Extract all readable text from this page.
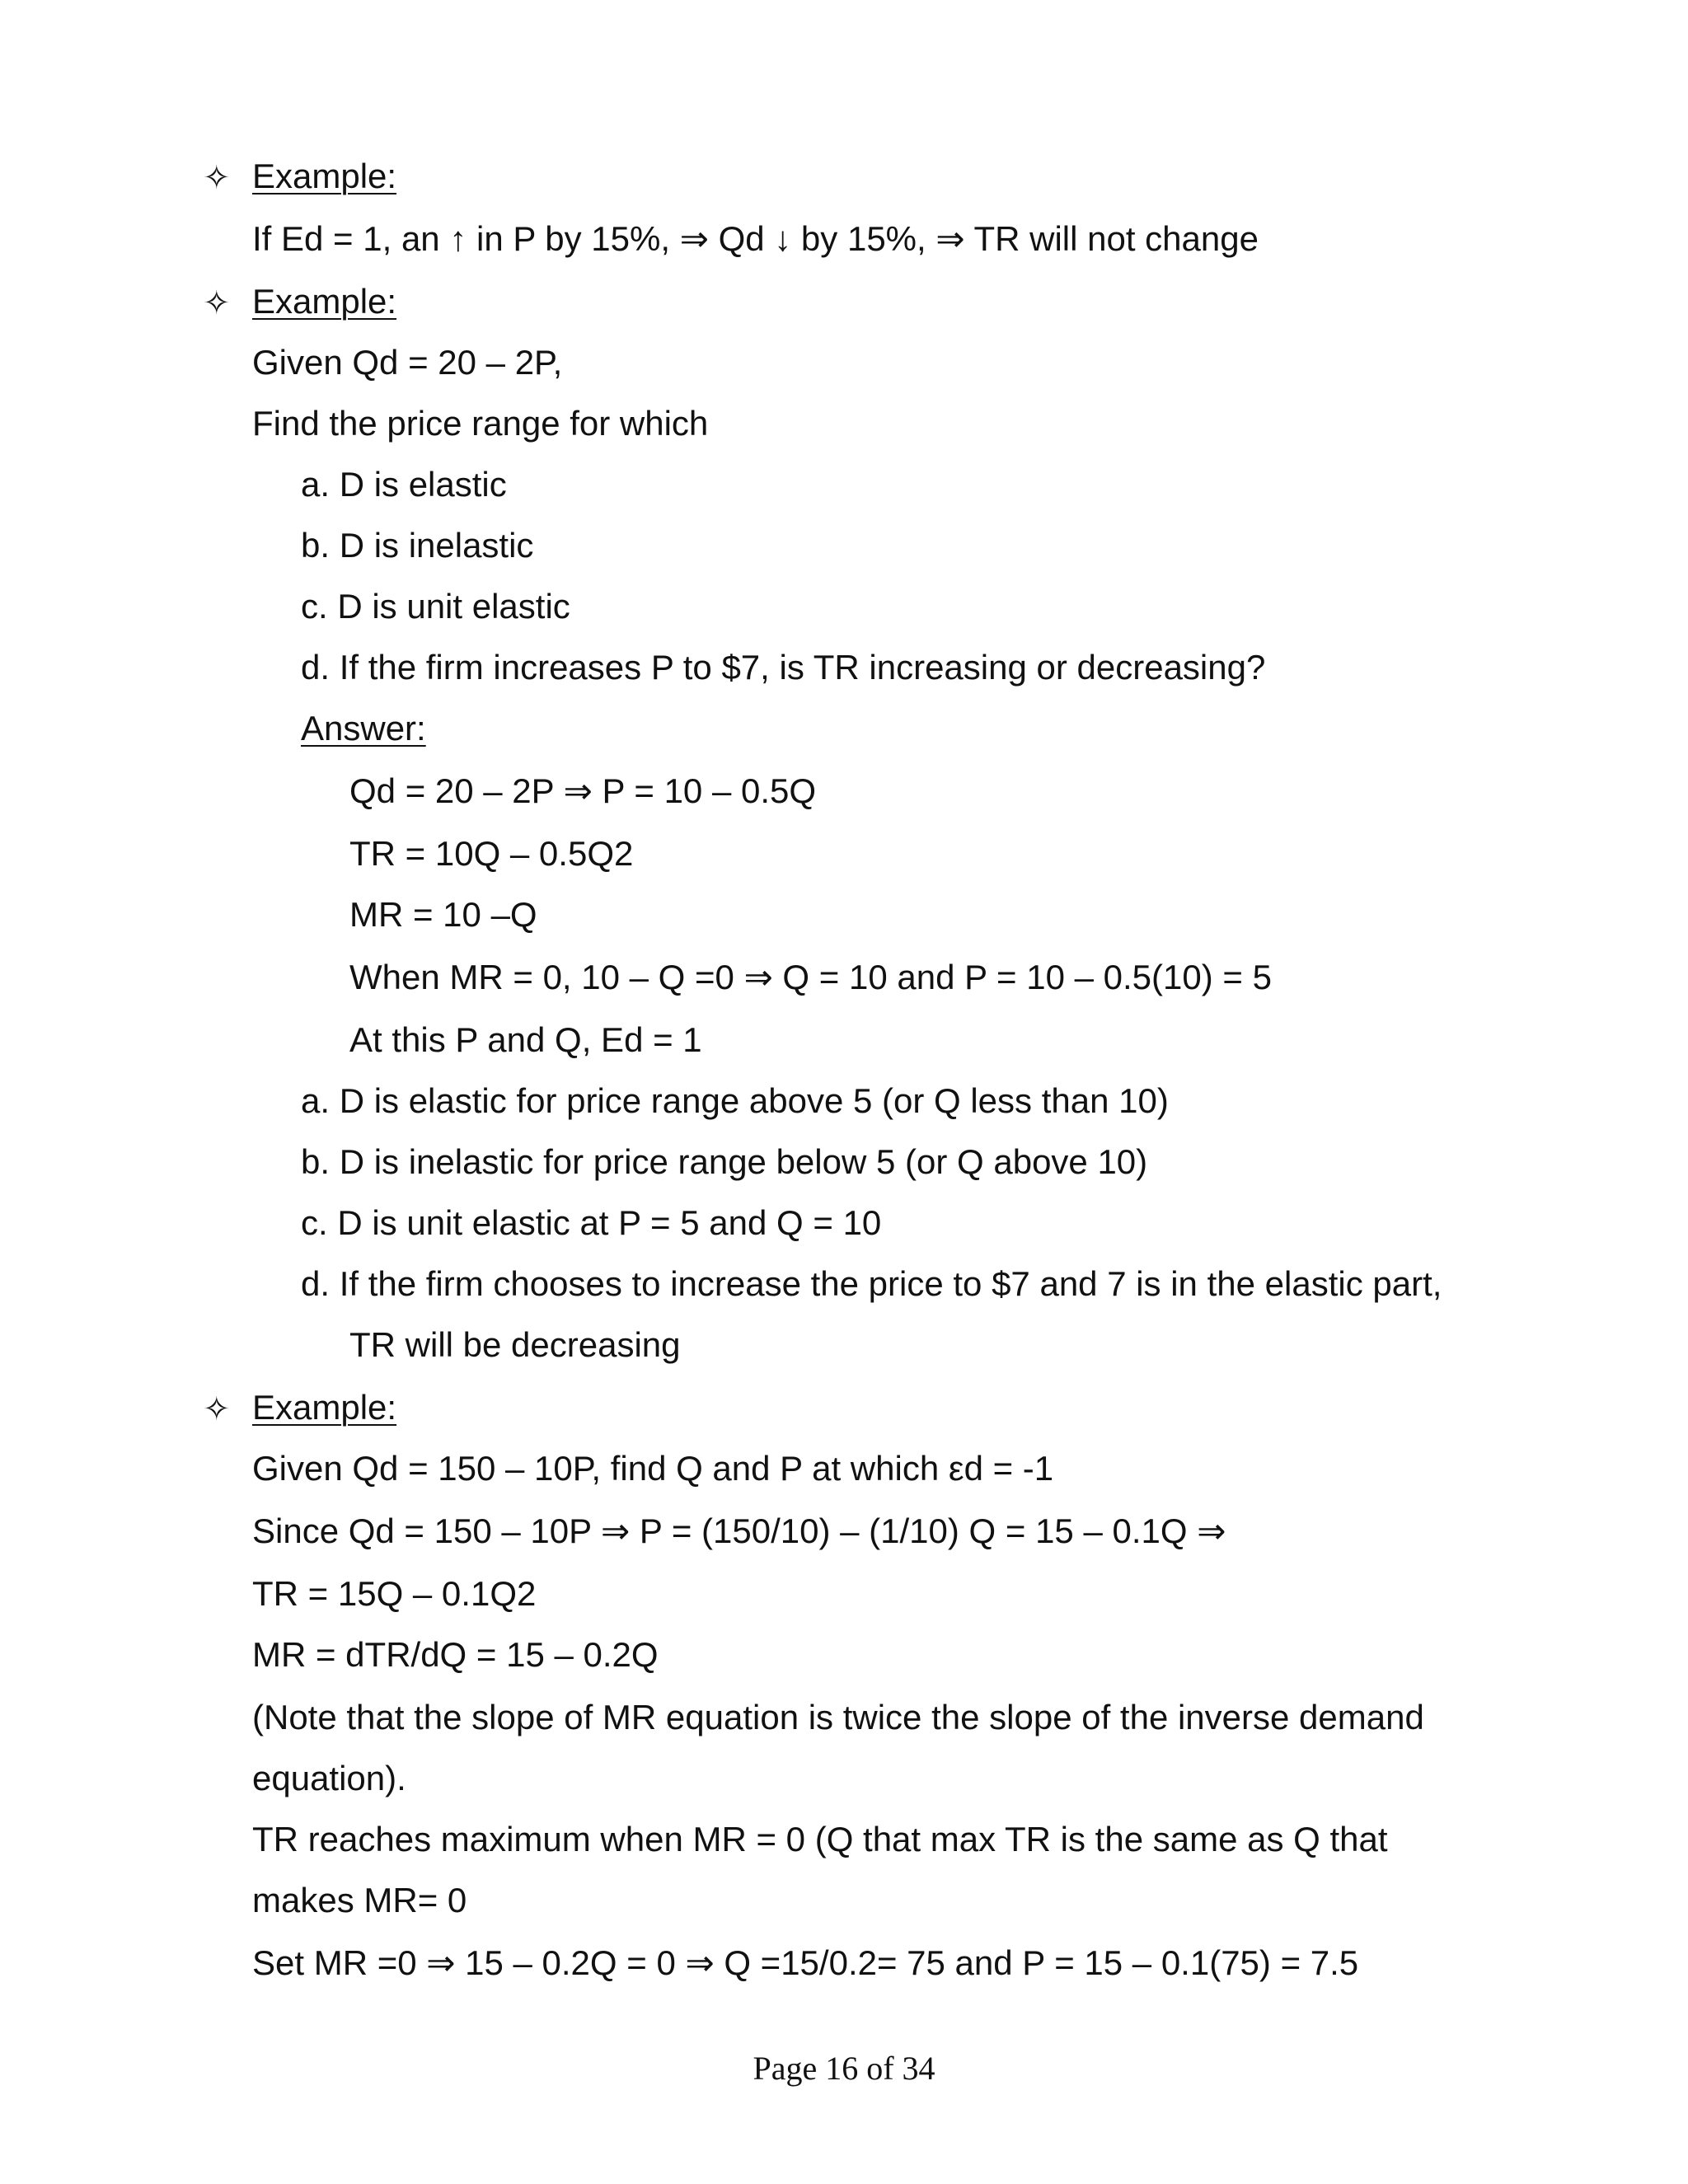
✧ Example:
If Ed = 1, an ↑ in P by 15%, ⇒ Qd ↓ by 15%, ⇒ TR will not change
✧ Example:
Given Qd = 20 – 2P,
Find the price range for which
a. D is elastic
b. D is inelastic
c. D is unit elastic
d. If the firm increases P to $7, is TR increasing or decreasing?
Answer:
Qd = 20 – 2P ⇒ P = 10 – 0.5Q
TR = 10Q – 0.5Q2
MR = 10 –Q
When MR = 0, 10 – Q =0 ⇒ Q = 10 and P = 10 – 0.5(10) = 5
At this P and Q, Ed = 1
a. D is elastic for price range above 5 (or Q less than 10)
b. D is inelastic for price range below 5 (or Q above 10)
c. D is unit elastic at P = 5 and Q = 10
d. If the firm chooses to increase the price to $7 and 7 is in the elastic part,
TR will be decreasing
✧ Example:
Given Qd = 150 – 10P, find Q and P at which εd = -1
Since Qd = 150 – 10P ⇒ P = (150/10) – (1/10) Q = 15 – 0.1Q ⇒
TR = 15Q – 0.1Q2
MR = dTR/dQ = 15 – 0.2Q
(Note that the slope of MR equation is twice the slope of the inverse demand
equation).
TR reaches maximum when MR = 0 (Q that max TR is the same as Q that
makes MR= 0
Set MR =0 ⇒ 15 – 0.2Q = 0 ⇒ Q =15/0.2= 75 and P = 15 – 0.1(75) = 7.5
Page 16 of 34
